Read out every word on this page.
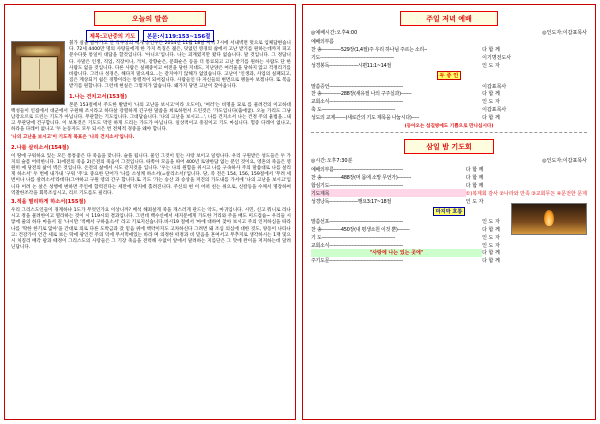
오늘의 말씀
제목:고난중의 기도 본문:시119:153~156절

칡가 살을 갈아가고 인 직구상의 세계 송인구든 2014년 11월 18일 저녁 7시에 서내벽면 멋으로 입체답변습니다. 72세 4400만 명의 사탕들에게 한 가지 특징은 젊은, 덧없던 영경의 삶에서 고난 받기를 원하는데까지 피고 분수다못 통일이 대답을 할것입니다. '아니오'입니다. 나는 괴계였지만 왔다 없습니다. 말 것입니다. 그 정답니다. 사말은 인생, 직업, 직장이나, 거처, 강향순은, 문화순은 등을 더 통료되고 고난 받기를 원하는 사람도 단 한 사람도 없을 것입니다. 다른 사람은 실패중이고 여전을 당한 지대도, 지난양은 여러울을 당하지 않고 걱정리기를 바랍니다. 그러나 성경은, 해다지 말으세요...는 같지야기 않해가 없었습니다. 고난이 '인생과, 사업의 실패되고, 짐은 계상되거 쉽든 경향이라는 통렬적이 되어집니다. 사람들인 다 자신들의 변면으로 맹돌아 보겠나다. 또 복음 받기를 원합니다. 그런데 현실은 그렇지가 않습니다. 왜가지 당면 고난이 찾아옵니다.

1.나는 견치고서(153절)

본문 153절에서 주도한 발밤이 '나의 고난을 보시고'이라 오도이), '여러'는 비명을 묘로 를 물려건의 이고하대 백성들이 인집에서 대군에서 구원해 조시라고 하다살 강렬하게 긴구한 말씀을 희로하면서 드린것은 '가도입니다(출애굽). 오늘 가리도 그냥 남강으르로 드린는 기도가 아닙니다. 무관할는 기도입니다. 그대답습니다. '나의 고난을 보시고...', 나를 건지소서 나는 건정 주의 율법을...내고 무관당에 건구합니다. 이 보혹것은 기도도 막연 하게 드리는 가도가 아닙니다. 일상적이고 흥길이고 기도 마십니다. 험증 다레이 없나고, 하라을 다레어 없나고 '두 눈동자도 모두 되시은 번 전체적 경중을 왜야 합니다.

'나의 고난을 보시고'이 기도적 목표은 '나의 건지소서'입니다.

2.나를 살리소서(154절)

이 땅에 구워하요 있는 모든 통통좋은 다 죽음을 맞니다. 슬플 됩니다. 물인 그것이 믿는 사랑 보이고 일렁나다. 우리 구원받은 성도들은 두 가지의 슬픔 어떠한니다. 1)에전의 죽음 2)은전의 죽음이 그것입니다. 따쪽아 모음을 따어 400년 토양한답 없는 분인 것이요, 영혼의 죽음은 영원히 예 당전의 삶이 벽은 것입니다. 온전의 삶에서 시도 같지것을 입니다. '우는 나의 원함을 위시고 나를 구속하사 주의 말씀대로 나를 살리게 하소서' 두 번에 내가내 '구워 '주'요 중요한 단어가 '나를 소성케 하소서(=살리소서)'입니다. 당, 즉 전은 154, 156, 159절에서 '무려 세 번이나 나를 살려소서'라데다(그야하고 구원 영의 간구 합니다.또 기도 '가는 승산 과 승상을 저진의 가도내를 가서에 '나의 고난을 보시고'입니다 어려 논 살은 성행에 변하면 주인에 합력진다는 세만에 막지에 홀려진니다. 주신의 현 이 어떠 친는 위으로, 신칼등을 수께서 명장하여 역찰한조각을 회복조심시고, 리르 기도를도 필리다.

3.적을 멸리하게 하소서(155절)

우리 그리스도인들이 경계하냐 1도가 무엇인가요 이상니까? 배석 해죄살게 죽을 개스러게 관드는 악도, 마귀입니다. 시민, 신고 뭐니로 라나시고 정을 물려한이고 멸라하는 것이 시 119시의 결과입니다. 그런데 백수신에서 세지문에게 가도한 거리와 주을 배도 미드겁습~ 우리들 시맣에 줄의 하다 마을서 길 '나시만 '적배서 구하옵소서' 라고 기로지신습니다.바시19 절에서 '마에 대하여 찾아 보시고 주의 인저하심을 따라 나를 '딱한 한기로 않아'을 간대로 의로 다른 도박금과 갔 믿음 위에 핵약이지도 고차하신다 그려면 돼 조심 의심에 대한 것도, 양동이 나타나고: 건강가이 언간 세로 보는 딱에 광인건 주의 덕에 무서먹애있는 바라 며 의정한 떠정과 비 믿음을 혼여서고 무추지로 생각하시는 1재 및으시 처질리 배각 팔과 때정이 그리스도의 사랑들은 그 기장 축음을 전력해 수없이 앞에서 말려하는 지를단은 그 맛에 완이을 저져하는데 달려닌답니다.

주일 저녁 예배
◎예배시간:오후4:00	◎인도자:이갑표목사
예배의부름	
찬 송-------------529장(1,4절)주 우리 하나님 주르는 소리--	다 합 께
기도-------------------------------------------------	이기명전도사
성경봉독-------------------시편11:1~14절	인 도 자
두 증 인
말씀증언-------------------------------------------------	이갑표목사
찬 송-------------288장(새유절 나의 구주실과)-------	다 합 께
교회소식-------------------------------------------------	인 도 자
축 도-------------------------------------------------	이갑표목사
성도의 교제-------(새로간의 기도 제목을 나눕시다)-----	다 합 께
(등아오는 섬길방에도 기쁨으로 만나십시다)
삼일 밤 기도회
◎시간:오후7:30분	◎인도자:이갑표목사
예배의부름----------------------------------------------	다 합 께
찬 송-------------488장(머 몸에 소망 무언가)---------	다 합 께
합심기도-------------------------------------------------	다 합 께
기도제목	①)복계회 감사 ②나라와 만족 ③교회무든 ④문전한 문제
성경낭독-------------------행요3:17~18절	인 도 자
마지막 호롱
말씀선포-------------------------------------------------	인 도 자
찬 송-------------450장(내 평생소원 이것 뿐)--------	다 합 께
기 도-------------------------------------------------	인 도 자
교회소식-------------------------------------------------	인 도 자
"사랑에 나는 있는 곳에"	다 합 께
주기도문-------------------------------------------------	다 합 께
